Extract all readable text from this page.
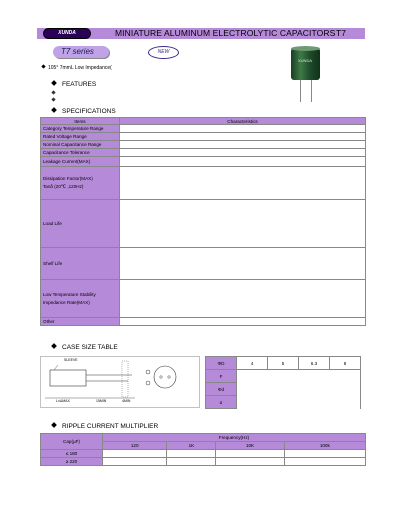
XUNDA	MINIATURE ALUMINUM ELECTROLYTIC CAPACITORS T7
T7 series	NEW
XUNDA
105° 7mmL Low Impedance(
FEATURES
SPECIFICATIONS
Items	Characteristics
Category Temperature Range	
Rated Voltage Range	
Nominal Capacitance Range	
Capacitance Tolerance	
Leakage Current(MAX)	
Dissipation Factor(MAX)
Tanδ (20℃ ,120Hz)	
Load Life	
Shelf Life	
Low Temperature Stability
Impedance Rate(MAX)	
Other	
CASE SIZE TABLE
SLEEVE
L±ΔMAX	15MIN	4MIN
ΦD	4	5	6.3	8
F				
Φd				
α				
RIPPLE CURRENT MULTIPLIER
Cap(μF)	Frequency(Hz)			
	120	1K	10K	100k
≤ 180				
≥ 220				
